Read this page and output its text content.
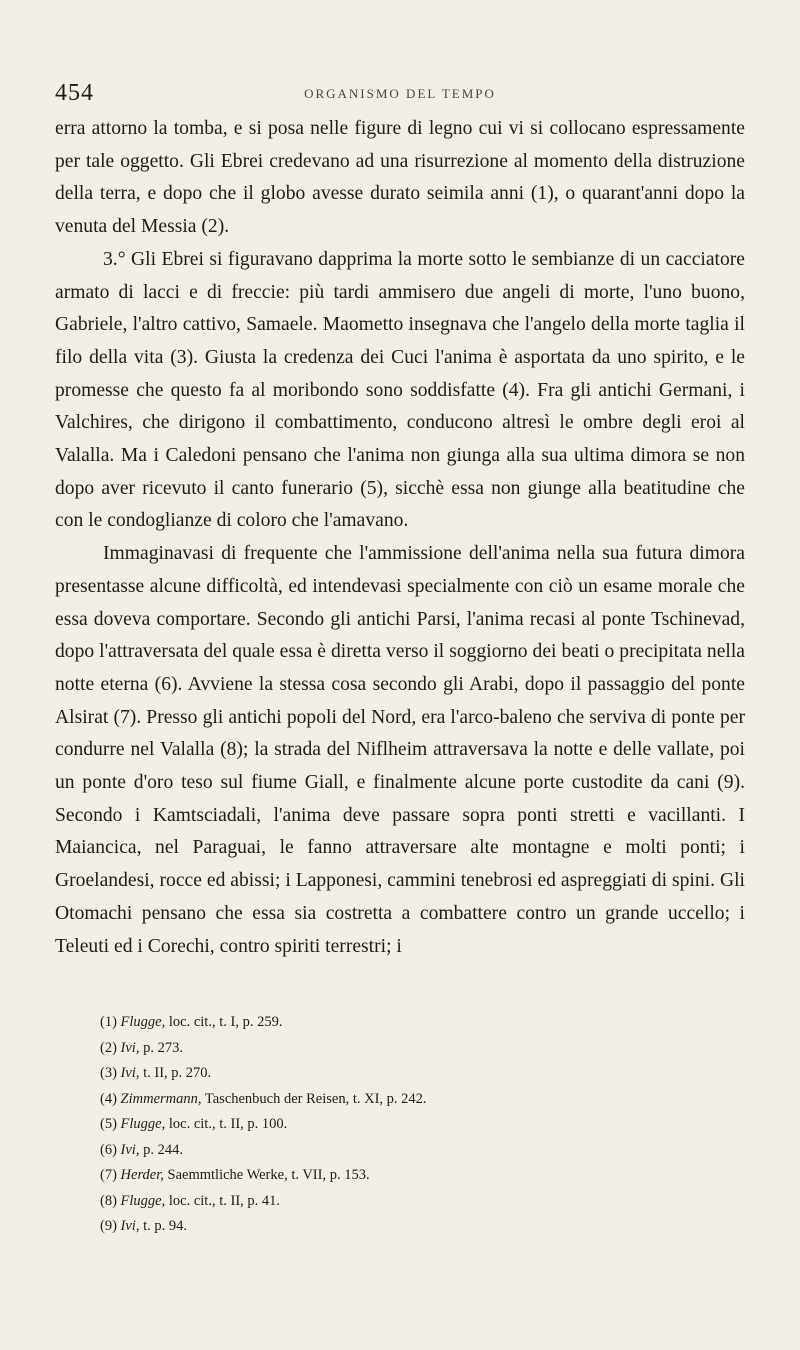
454	ORGANISMO DEL TEMPO

erra attorno la tomba, e si posa nelle figure di legno cui vi si collocano espressamente per tale oggetto. Gli Ebrei credevano ad una risurrezione al momento della distruzione della terra, e dopo che il globo avesse durato seimila anni (1), o quarant'anni dopo la venuta del Messia (2).

3.° Gli Ebrei si figuravano dapprima la morte sotto le sembianze di un cacciatore armato di lacci e di freccie: più tardi ammisero due angeli di morte, l'uno buono, Gabriele, l'altro cattivo, Samaele. Maometto insegnava che l'angelo della morte taglia il filo della vita (3). Giusta la credenza dei Cuci l'anima è asportata da uno spirito, e le promesse che questo fa al moribondo sono soddisfatte (4). Fra gli antichi Germani, i Valchires, che dirigono il combattimento, conducono altresì le ombre degli eroi al Valalla. Ma i Caledoni pensano che l'anima non giunga alla sua ultima dimora se non dopo aver ricevuto il canto funerario (5), sicchè essa non giunge alla beatitudine che con le condoglianze di coloro che l'amavano.

Immaginavasi di frequente che l'ammissione dell'anima nella sua futura dimora presentasse alcune difficoltà, ed intendevasi specialmente con ciò un esame morale che essa doveva comportare. Secondo gli antichi Parsi, l'anima recasi al ponte Tschinevad, dopo l'attraversata del quale essa è diretta verso il soggiorno dei beati o precipitata nella notte eterna (6). Avviene la stessa cosa secondo gli Arabi, dopo il passaggio del ponte Alsirat (7). Presso gli antichi popoli del Nord, era l'arco-baleno che serviva di ponte per condurre nel Valalla (8); la strada del Niflheim attraversava la notte e delle vallate, poi un ponte d'oro teso sul fiume Giall, e finalmente alcune porte custodite da cani (9). Secondo i Kamtsciadali, l'anima deve passare sopra ponti stretti e vacillanti. I Maiancica, nel Paraguai, le fanno attraversare alte montagne e molti ponti; i Groelandesi, rocce ed abissi; i Lapponesi, cammini tenebrosi ed aspreggiati di spini. Gli Otomachi pensano che essa sia costretta a combattere contro un grande uccello; i Teleuti ed i Corechi, contro spiriti terrestri; i

(1) Flugge, loc. cit., t. I, p. 259.
(2) Ivi, p. 273.
(3) Ivi, t. II, p. 270.
(4) Zimmermann, Taschenbuch der Reisen, t. XI, p. 242.
(5) Flugge, loc. cit., t. II, p. 100.
(6) Ivi, p. 244.
(7) Herder, Saemmtliche Werke, t. VII, p. 153.
(8) Flugge, loc. cit., t. II, p. 41.
(9) Ivi, t. p. 94.
